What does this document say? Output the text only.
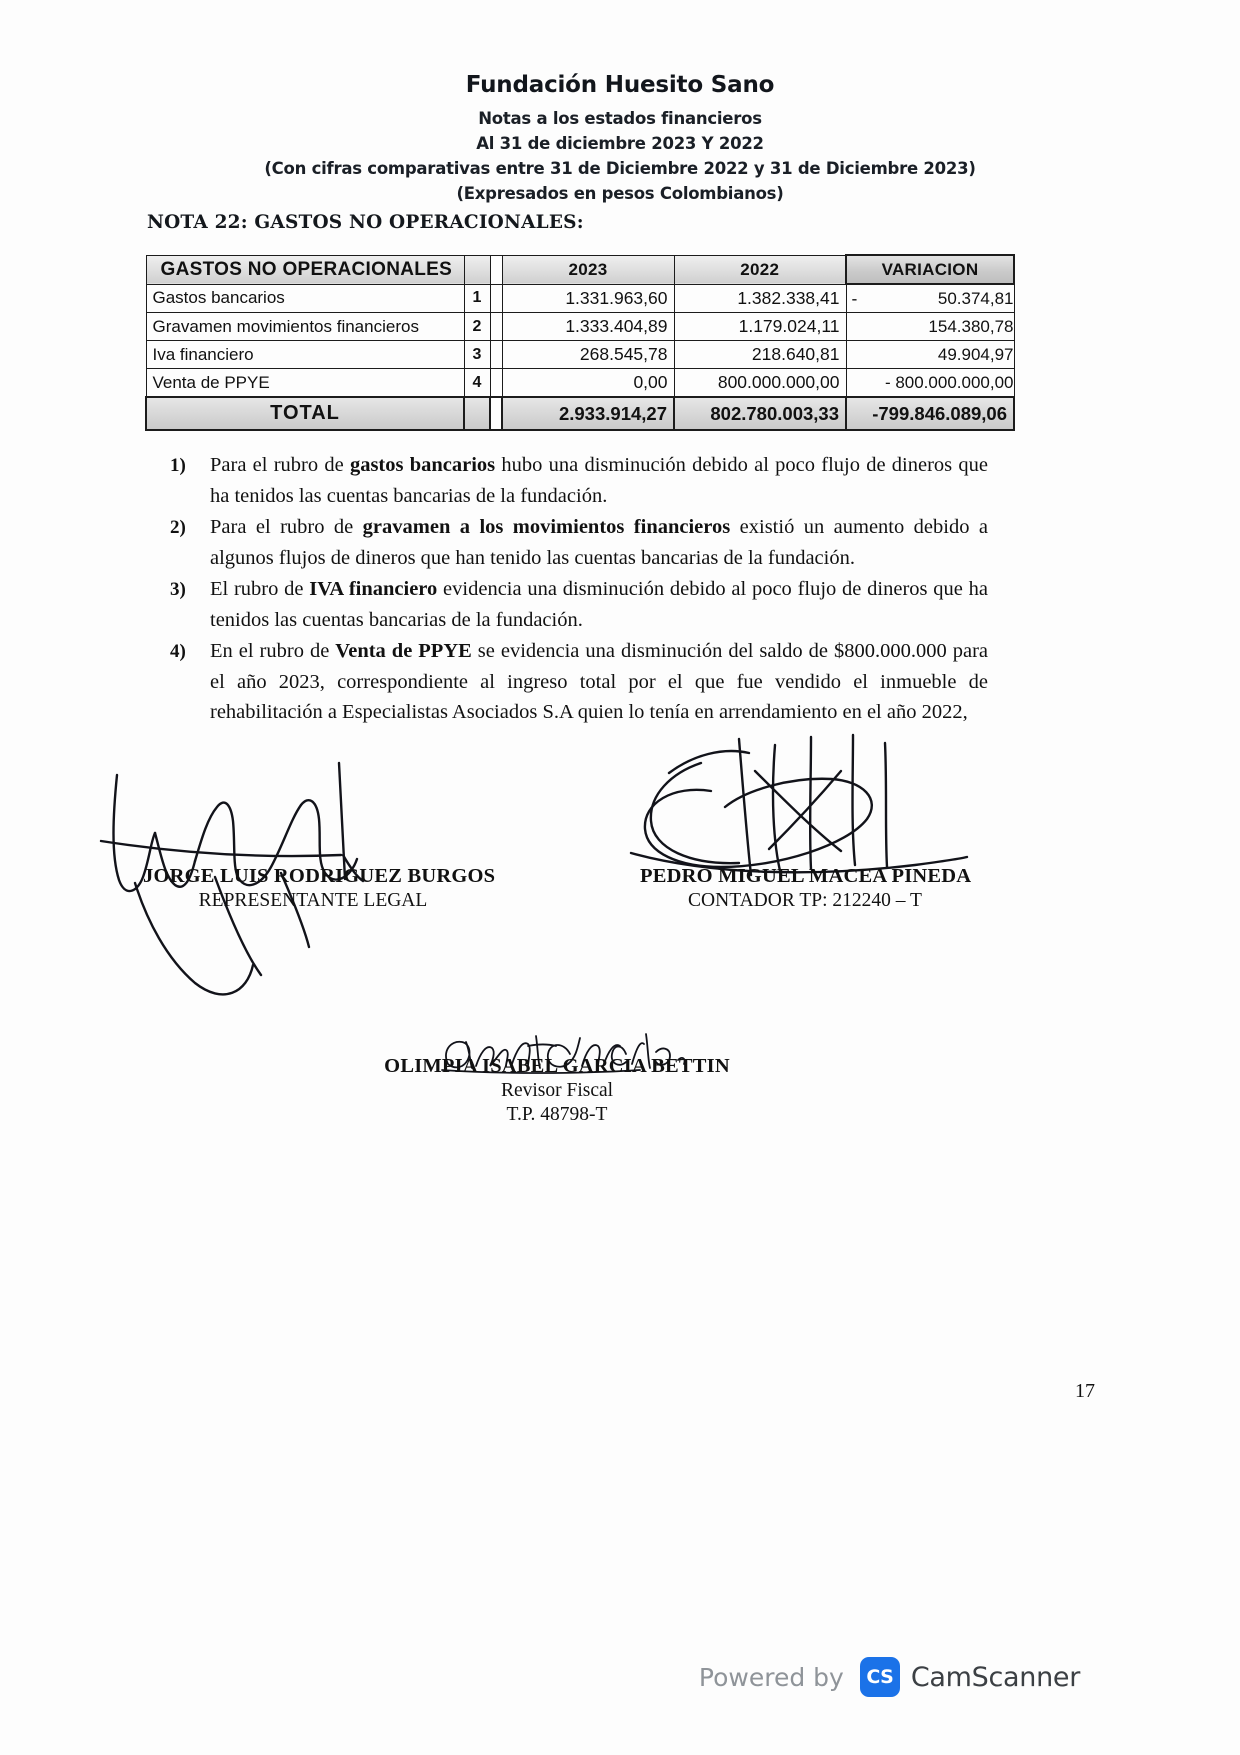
Fundación Huesito Sano
Notas a los estados financieros
Al 31 de diciembre 2023 Y 2022
(Con cifras comparativas entre 31 de Diciembre 2022 y 31 de Diciembre 2023)
(Expresados en pesos Colombianos)
NOTA 22: GASTOS NO OPERACIONALES:
GASTOS NO OPERACIONALES			2023	2022	VARIACION
Gastos bancarios	1		1.331.963,60	1.382.338,41	- 50.374,81
Gravamen movimientos financieros	2		1.333.404,89	1.179.024,11	154.380,78
Iva financiero	3		268.545,78	218.640,81	49.904,97
Venta de PPYE	4		0,00	800.000.000,00	- 800.000.000,00
TOTAL			2.933.914,27	802.780.003,33	-799.846.089,06
1)	Para el rubro de gastos bancarios hubo una disminución debido al poco flujo de dineros que ha tenidos las cuentas bancarias de la fundación.
2)	Para el rubro de gravamen a los movimientos financieros existió un aumento debido a algunos flujos de dineros que han tenido las cuentas bancarias de la fundación.
3)	El rubro de IVA financiero evidencia una disminución debido al poco flujo de dineros que ha tenidos las cuentas bancarias de la fundación.
4)	En el rubro de Venta de PPYE se evidencia una disminución del saldo de $800.000.000 para el año 2023, correspondiente al ingreso total por el que fue vendido el inmueble de rehabilitación a Especialistas Asociados S.A quien lo tenía en arrendamiento en el año 2022,
JORGE LUIS RODRIGUEZ BURGOS
REPRESENTANTE LEGAL
PEDRO MIGUEL MACEA PINEDA
CONTADOR TP: 212240 – T
OLIMPIA ISABEL GARCIA BETTIN
Revisor Fiscal
T.P. 48798-T
17
Powered by	CS CamScanner
